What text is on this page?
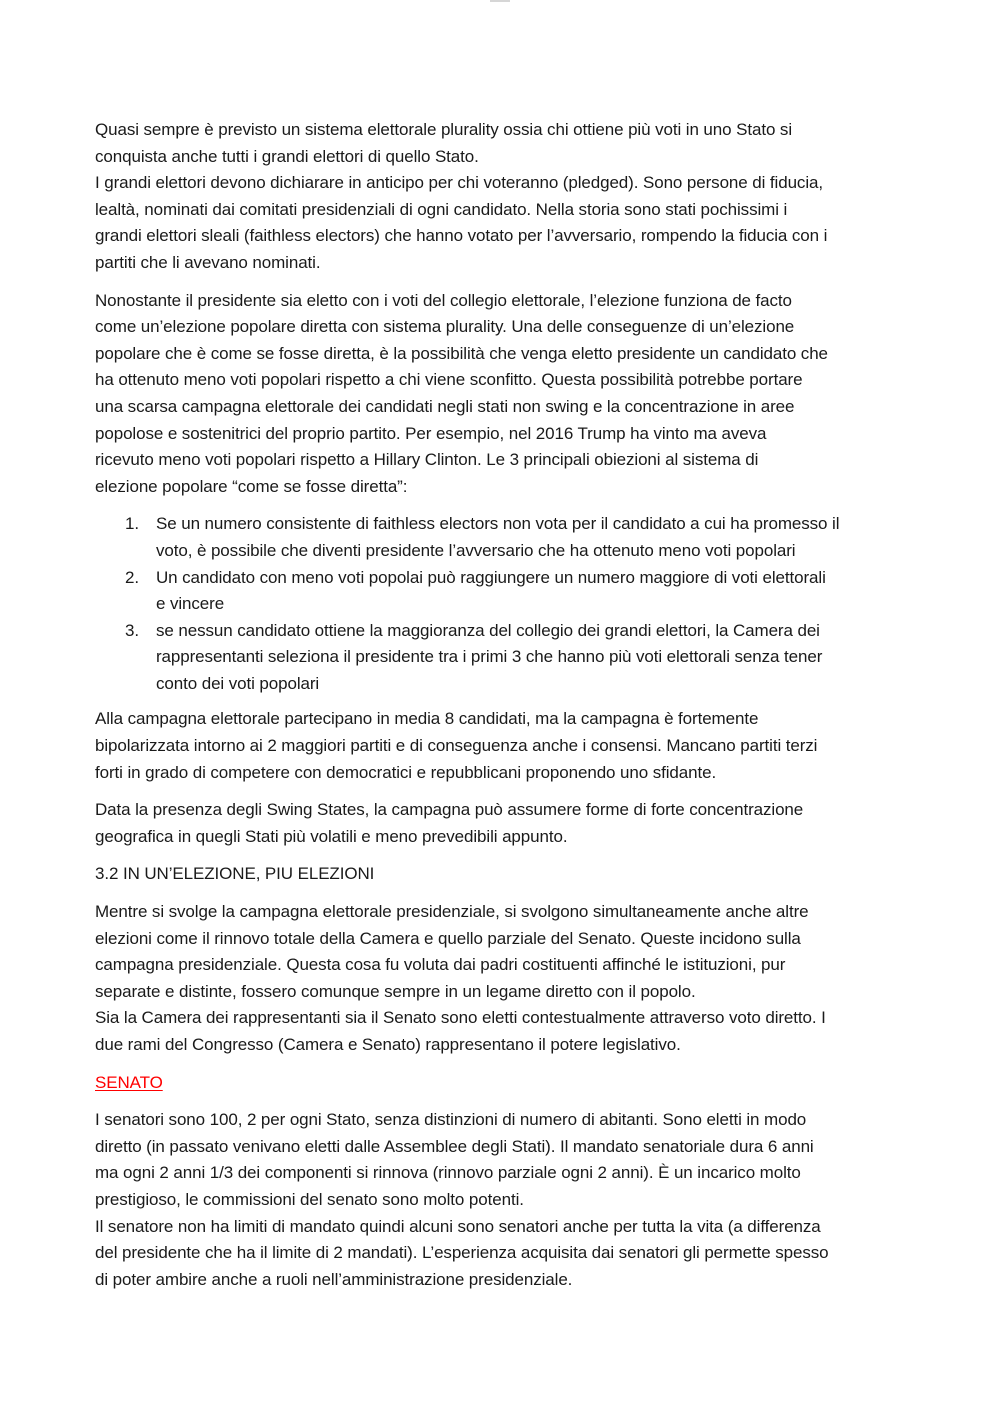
Quasi sempre è previsto un sistema elettorale plurality ossia chi ottiene più voti in uno Stato si
conquista anche tutti i grandi elettori di quello Stato.
I grandi elettori devono dichiarare in anticipo per chi voteranno (pledged). Sono persone di fiducia,
lealtà, nominati dai comitati presidenziali di ogni candidato. Nella storia sono stati pochissimi i
grandi elettori sleali (faithless electors) che hanno votato per l’avversario, rompendo la fiducia con i
partiti che li avevano nominati.

Nonostante il presidente sia eletto con i voti del collegio elettorale, l’elezione funziona de facto
come un’elezione popolare diretta con sistema plurality. Una delle conseguenze di un’elezione
popolare che è come se fosse diretta, è la possibilità che venga eletto presidente un candidato che
ha ottenuto meno voti popolari rispetto a chi viene sconfitto. Questa possibilità potrebbe portare
una scarsa campagna elettorale dei candidati negli stati non swing e la concentrazione in aree
popolose e sostenitrici del proprio partito. Per esempio, nel 2016 Trump ha vinto ma aveva
ricevuto meno voti popolari rispetto a Hillary Clinton. Le 3 principali obiezioni al sistema di
elezione popolare “come se fosse diretta”:

1. Se un numero consistente di faithless electors non vota per il candidato a cui ha promesso il
voto, è possibile che diventi presidente l’avversario che ha ottenuto meno voti popolari
2. Un candidato con meno voti popolai può raggiungere un numero maggiore di voti elettorali
e vincere
3. se nessun candidato ottiene la maggioranza del collegio dei grandi elettori, la Camera dei
rappresentanti seleziona il presidente tra i primi 3 che hanno più voti elettorali senza tener
conto dei voti popolari

Alla campagna elettorale partecipano in media 8 candidati, ma la campagna è fortemente
bipolarizzata intorno ai 2 maggiori partiti e di conseguenza anche i consensi. Mancano partiti terzi
forti in grado di competere con democratici e repubblicani proponendo uno sfidante.

Data la presenza degli Swing States, la campagna può assumere forme di forte concentrazione
geografica in quegli Stati più volatili e meno prevedibili appunto.

3.2 IN UN’ELEZIONE, PIU ELEZIONI

Mentre si svolge la campagna elettorale presidenziale, si svolgono simultaneamente anche altre
elezioni come il rinnovo totale della Camera e quello parziale del Senato. Queste incidono sulla
campagna presidenziale. Questa cosa fu voluta dai padri costituenti affinché le istituzioni, pur
separate e distinte, fossero comunque sempre in un legame diretto con il popolo.
Sia la Camera dei rappresentanti sia il Senato sono eletti contestualmente attraverso voto diretto. I
due rami del Congresso (Camera e Senato) rappresentano il potere legislativo.

SENATO

I senatori sono 100, 2 per ogni Stato, senza distinzioni di numero di abitanti. Sono eletti in modo
diretto (in passato venivano eletti dalle Assemblee degli Stati). Il mandato senatoriale dura 6 anni
ma ogni 2 anni 1/3 dei componenti si rinnova (rinnovo parziale ogni 2 anni). È un incarico molto
prestigioso, le commissioni del senato sono molto potenti.
Il senatore non ha limiti di mandato quindi alcuni sono senatori anche per tutta la vita (a differenza
del presidente che ha il limite di 2 mandati). L’esperienza acquisita dai senatori gli permette spesso
di poter ambire anche a ruoli nell’amministrazione presidenziale.
